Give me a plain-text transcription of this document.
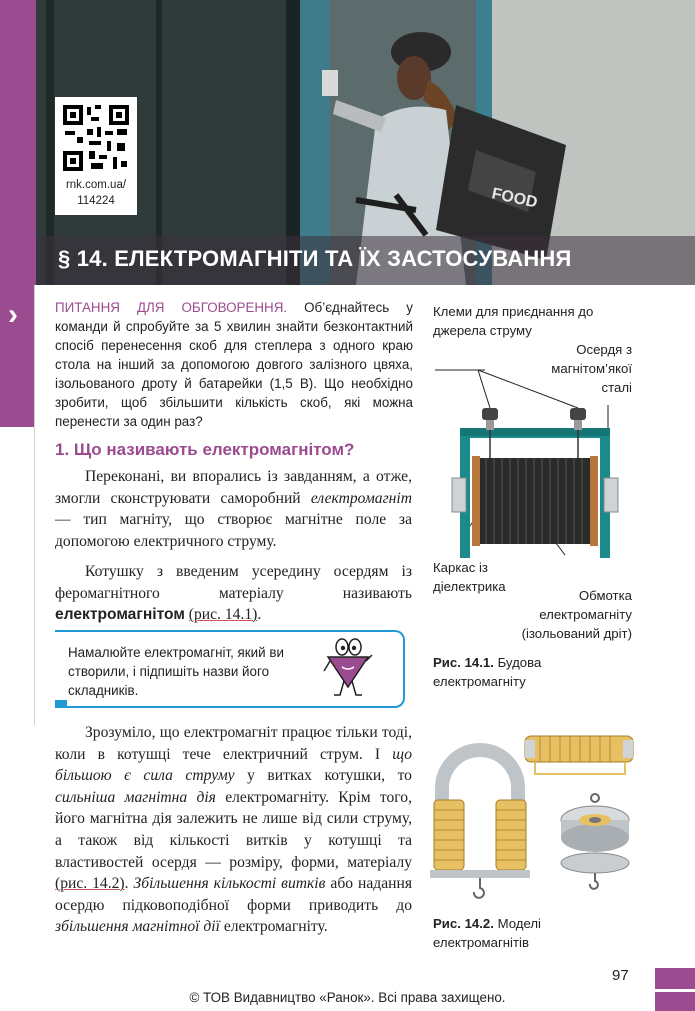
›
FOOD
§ 14. ЕЛЕКТРОМАГНІТИ ТА ЇХ ЗАСТОСУВАННЯ
rnk.com.ua/
114224
ПИТАННЯ ДЛЯ ОБГОВОРЕННЯ. Об’єднайтесь у команди й спробуйте за 5 хвилин знайти безконтактний спосіб перенесення скоб для степлера з одного краю стола на інший за допомогою довгого залізного цвяха, ізольованого дроту й батарейки (1,5 В). Що необхідно зробити, щоб збільшити кількість скоб, які можна перенести за один раз?
1. Що називають електромагнітом?
Переконані, ви впорались із завданням, а отже, змогли сконструювати саморобний електромагніт — тип магніту, що створює магнітне поле за допомогою електричного струму.
Котушку з введеним усередину осердям із феромагнітного матеріалу називають електромагнітом (рис. 14.1).
Намалюйте електромагніт, який ви створили, і підпишіть назви його складників.
Зрозуміло, що електромагніт працює тільки тоді, коли в котушці тече електричний струм. І що більшою є сила струму у витках котушки, то сильніша магнітна дія електромагніту. Крім того, його магнітна дія залежить не лише від сили струму, а також від кількості витків у котушці та властивостей осердя — розміру, форми, матеріалу (рис. 14.2). Збільшення кількості витків або надання осердю підковоподібної форми приводить до збільшення магнітної дії електромагніту.
Клеми для приєднання до джерела струму
Осердя з магнітом’якої сталі
Каркас із діелектрика
Обмотка електромагніту (ізольований дріт)
Рис. 14.1. Будова електромагніту
Рис. 14.2. Моделі електромагнітів
97
© ТОВ Видавництво «Ранок». Всі права захищено.
